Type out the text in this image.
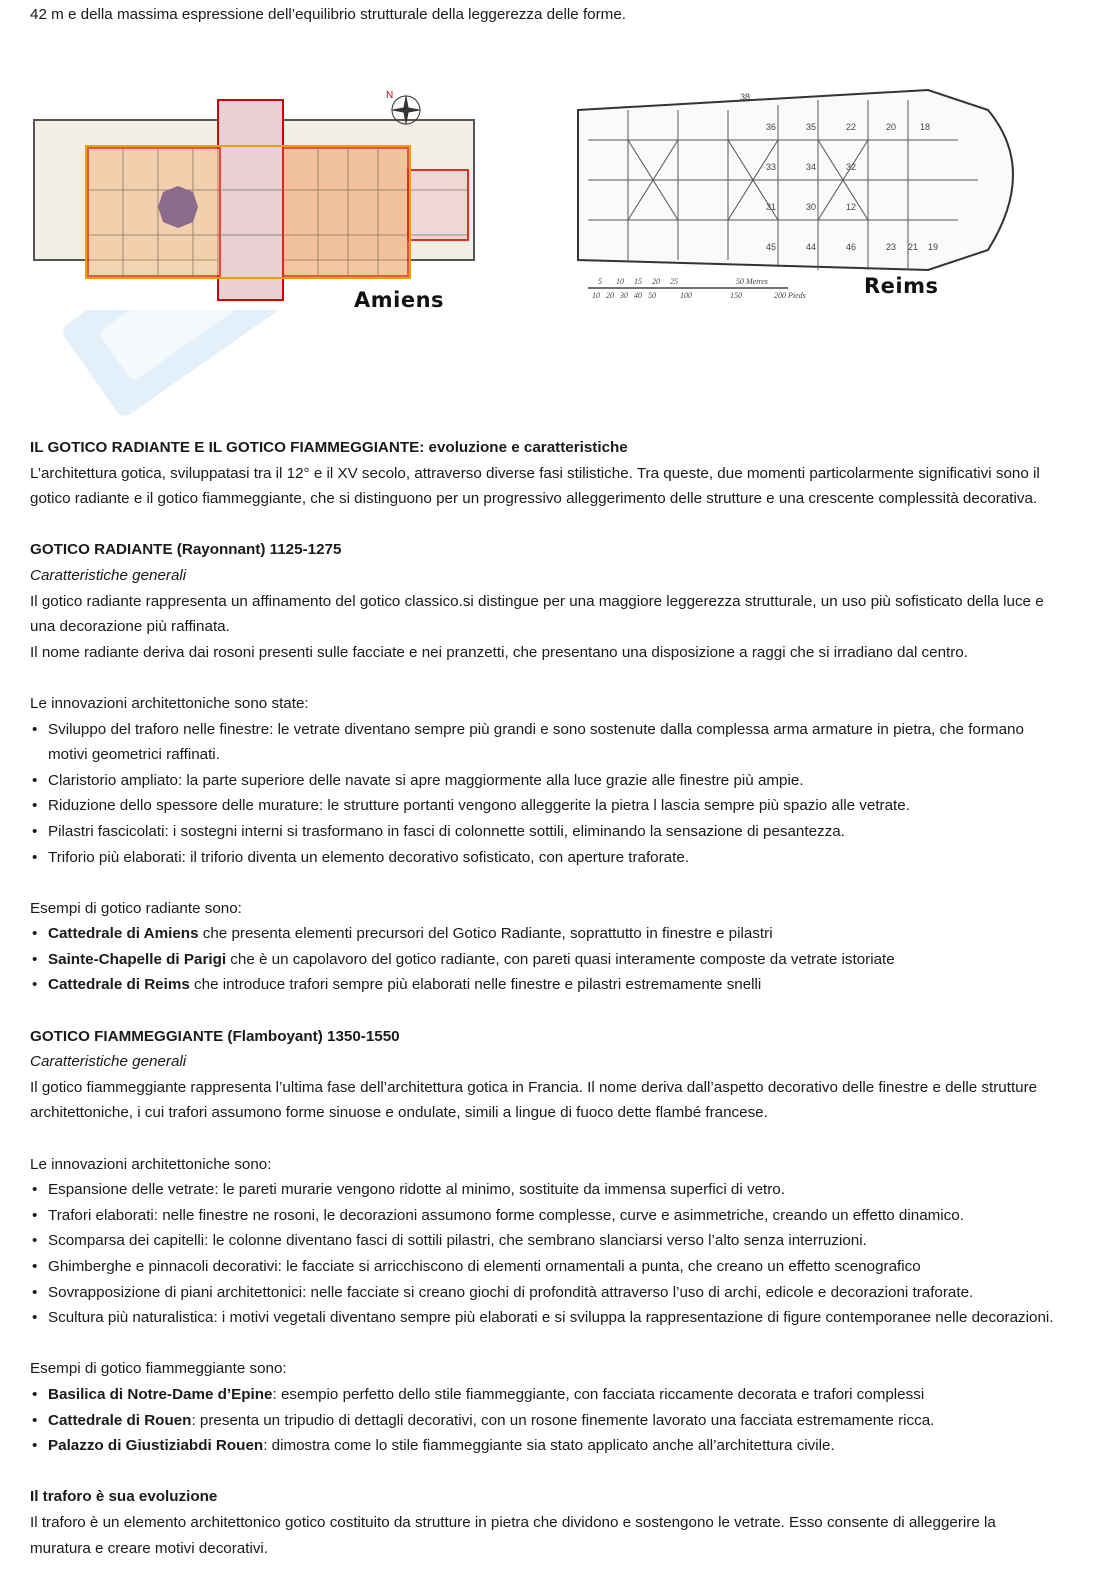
42 m e della massima espressione dell’equilibrio strutturale della leggerezza delle forme.
N	38
36	35
33	34	32
22	20	18
31	30	12
45	44	46	23 21 19
5 10 15 20 25	50 Metres
10 20 30 40 50	100	150	200 Pieds
Amiens
Reims

IL GOTICO RADIANTE E IL GOTICO FIAMMEGGIANTE: evoluzione e caratteristiche

L’architettura gotica, sviluppatasi tra il 12° e il XV secolo, attraverso diverse fasi stilistiche. Tra queste, due momenti particolarmente significativi sono il gotico radiante e il gotico fiammeggiante, che si distinguono per un progressivo alleggerimento delle strutture e una crescente complessità decorativa.

GOTICO RADIANTE (Rayonnant) 1125-1275

Caratteristiche generali

Il gotico radiante rappresenta un affinamento del gotico classico.si distingue per una maggiore leggerezza strutturale, un uso più sofisticato della luce e una decorazione più raffinata.

Il nome radiante deriva dai rosoni presenti sulle facciate e nei pranzetti, che presentano una disposizione a raggi che si irradiano dal centro.

Le innovazioni architettoniche sono state:

• Sviluppo del traforo nelle finestre: le vetrate diventano sempre più grandi e sono sostenute dalla complessa arma armature in pietra, che formano motivi geometrici raffinati.
• Claristorio ampliato: la parte superiore delle navate si apre maggiormente alla luce grazie alle finestre più ampie.
• Riduzione dello spessore delle murature: le strutture portanti vengono alleggerite la pietra l lascia sempre più spazio alle vetrate.
• Pilastri fascicolati: i sostegni interni si trasformano in fasci di colonnette sottili, eliminando la sensazione di pesantezza.
• Triforio più elaborati: il triforio diventa un elemento decorativo sofisticato, con aperture traforate.

Esempi di gotico radiante sono:

• Cattedrale di Amiens che presenta elementi precursori del Gotico Radiante, soprattutto in finestre e pilastri
• Sainte-Chapelle di Parigi che è un capolavoro del gotico radiante, con pareti quasi interamente composte da vetrate istoriate
• Cattedrale di Reims che introduce trafori sempre più elaborati nelle finestre e pilastri estremamente snelli

GOTICO FIAMMEGGIANTE (Flamboyant) 1350-1550

Caratteristiche generali

Il gotico fiammeggiante rappresenta l’ultima fase dell’architettura gotica in Francia. Il nome deriva dall’aspetto decorativo delle finestre e delle strutture architettoniche, i cui trafori assumono forme sinuose e ondulate, simili a lingue di fuoco dette flambé francese.

Le innovazioni architettoniche sono:

• Espansione delle vetrate: le pareti murarie vengono ridotte al minimo, sostituite da immensa superfici di vetro.
• Trafori elaborati: nelle finestre ne rosoni, le decorazioni assumono forme complesse, curve e asimmetriche, creando un effetto dinamico.
• Scomparsa dei capitelli: le colonne diventano fasci di sottili pilastri, che sembrano slanciarsi verso l’alto senza interruzioni.
• Ghimberghe e pinnacoli decorativi: le facciate si arricchiscono di elementi ornamentali a punta, che creano un effetto scenografico
• Sovrapposizione di piani architettonici: nelle facciate si creano giochi di profondità attraverso l’uso di archi, edicole e decorazioni traforate.
• Scultura più naturalistica: i motivi vegetali diventano sempre più elaborati e si sviluppa la rappresentazione di figure contemporanee nelle decorazioni.

Esempi di gotico fiammeggiante sono:

• Basilica di Notre-Dame d’Epine: esempio perfetto dello stile fiammeggiante, con facciata riccamente decorata e trafori complessi
• Cattedrale di Rouen: presenta un tripudio di dettagli decorativi, con un rosone finemente lavorato una facciata estremamente ricca.
• Palazzo di Giustiziabdi Rouen: dimostra come lo stile fiammeggiante sia stato applicato anche all’architettura civile.

Il traforo è sua evoluzione

Il traforo è un elemento architettonico gotico costituito da strutture in pietra che dividono e sostengono le vetrate. Esso consente di alleggerire la muratura e creare motivi decorativi.
